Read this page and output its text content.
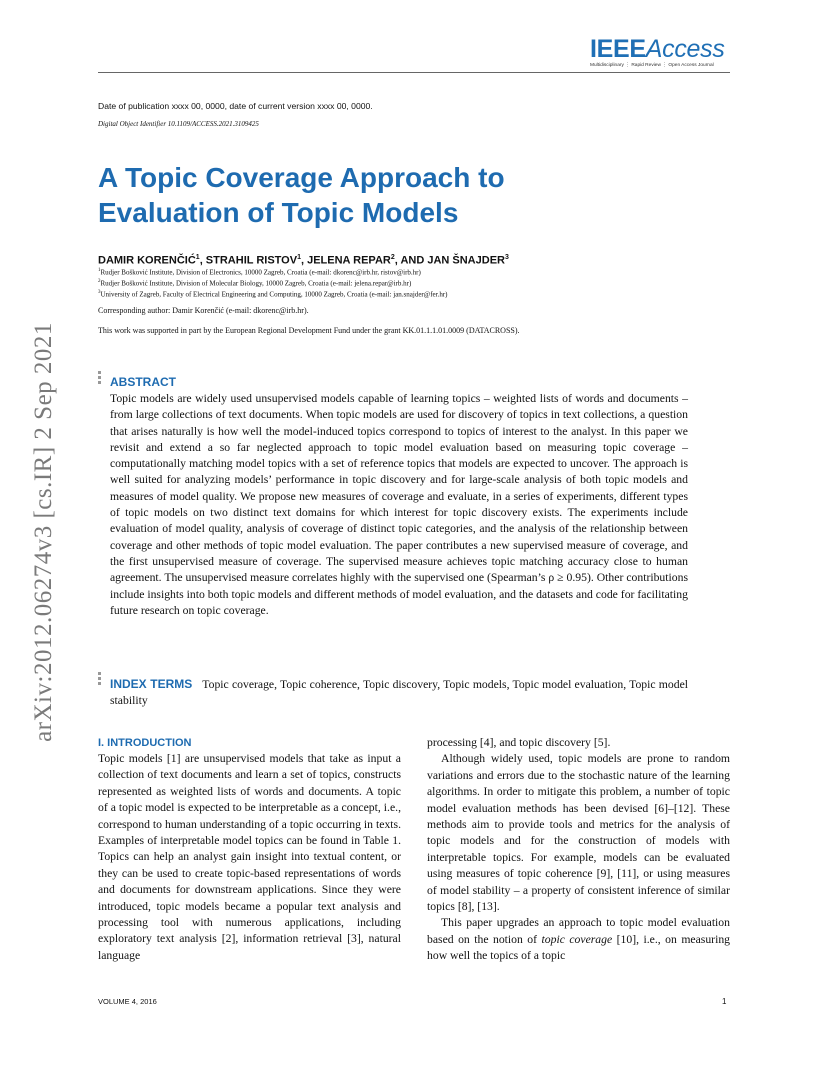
IEEEAccess
Multidisciplinary ⋮ Rapid Review ⋮ Open Access Journal
Date of publication xxxx 00, 0000, date of current version xxxx 00, 0000.
Digital Object Identifier 10.1109/ACCESS.2021.3109425
A Topic Coverage Approach to
Evaluation of Topic Models
DAMIR KORENČIĆ$^1$, STRAHIL RISTOV$^1$, JELENA REPAR$^2$, AND JAN ŠNAJDER$^3$
$^1$Rudjer Bošković Institute, Division of Electronics, 10000 Zagreb, Croatia (e-mail: dkorenc@irb.hr, ristov@irb.hr)
$^2$Rudjer Bošković Institute, Division of Molecular Biology, 10000 Zagreb, Croatia (e-mail: jelena.repar@irb.hr)
$^3$University of Zagreb, Faculty of Electrical Engineering and Computing, 10000 Zagreb, Croatia (e-mail: jan.snajder@fer.hr)
Corresponding author: Damir Korenčić (e-mail: dkorenc@irb.hr).
This work was supported in part by the European Regional Development Fund under the grant KK.01.1.1.01.0009 (DATACROSS).
arXiv:2012.06274v3 [cs.IR] 2 Sep 2021	ABSTRACT
Topic models are widely used unsupervised models capable of learning topics – weighted lists of words and documents – from large collections of text documents. When topic models are used for discovery of topics in text collections, a question that arises naturally is how well the model-induced topics correspond to topics of interest to the analyst. In this paper we revisit and extend a so far neglected approach to topic model evaluation based on measuring topic coverage – computationally matching model topics with a set of reference topics that models are expected to uncover. The approach is well suited for analyzing models’ performance in topic discovery and for large-scale analysis of both topic models and measures of model quality. We propose new measures of coverage and evaluate, in a series of experiments, different types of topic models on two distinct text domains for which interest for topic discovery exists. The experiments include evaluation of model quality, analysis of coverage of distinct topic categories, and the analysis of the relationship between coverage and other methods of topic model evaluation. The paper contributes a new supervised measure of coverage, and the first unsupervised measure of coverage. The supervised measure achieves topic matching accuracy close to human agreement. The unsupervised measure correlates highly with the supervised one (Spearman’s ρ ≥ 0.95). Other contributions include insights into both topic models and different methods of model evaluation, and the datasets and code for facilitating future research on topic coverage.
INDEX TERMS Topic coverage, Topic coherence, Topic discovery, Topic models, Topic model evaluation, Topic model stability
I. INTRODUCTION

Topic models [1] are unsupervised models that take as input a collection of text documents and learn a set of topics, constructs represented as weighted lists of words and documents. A topic of a topic model is expected to be interpretable as a concept, i.e., correspond to human understanding of a topic occurring in texts. Examples of interpretable model topics can be found in Table 1. Topics can help an analyst gain insight into textual content, or they can be used to create topic-based representations of words and documents for downstream applications. Since they were introduced, topic models became a popular text analysis and processing tool with numerous applications, including exploratory text analysis [2], information retrieval [3], natural language

processing [4], and topic discovery [5].

Although widely used, topic models are prone to random variations and errors due to the stochastic nature of the learning algorithms. In order to mitigate this problem, a number of topic model evaluation methods has been devised [6]–[12]. These methods aim to provide tools and metrics for the analysis of topic models and for the construction of models with interpretable topics. For example, models can be evaluated using measures of topic coherence [9], [11], or using measures of model stability – a property of consistent inference of similar topics [8], [13].

This paper upgrades an approach to topic model evaluation based on the notion of topic coverage [10], i.e., on measuring how well the topics of a topic

VOLUME 4, 2016	1
